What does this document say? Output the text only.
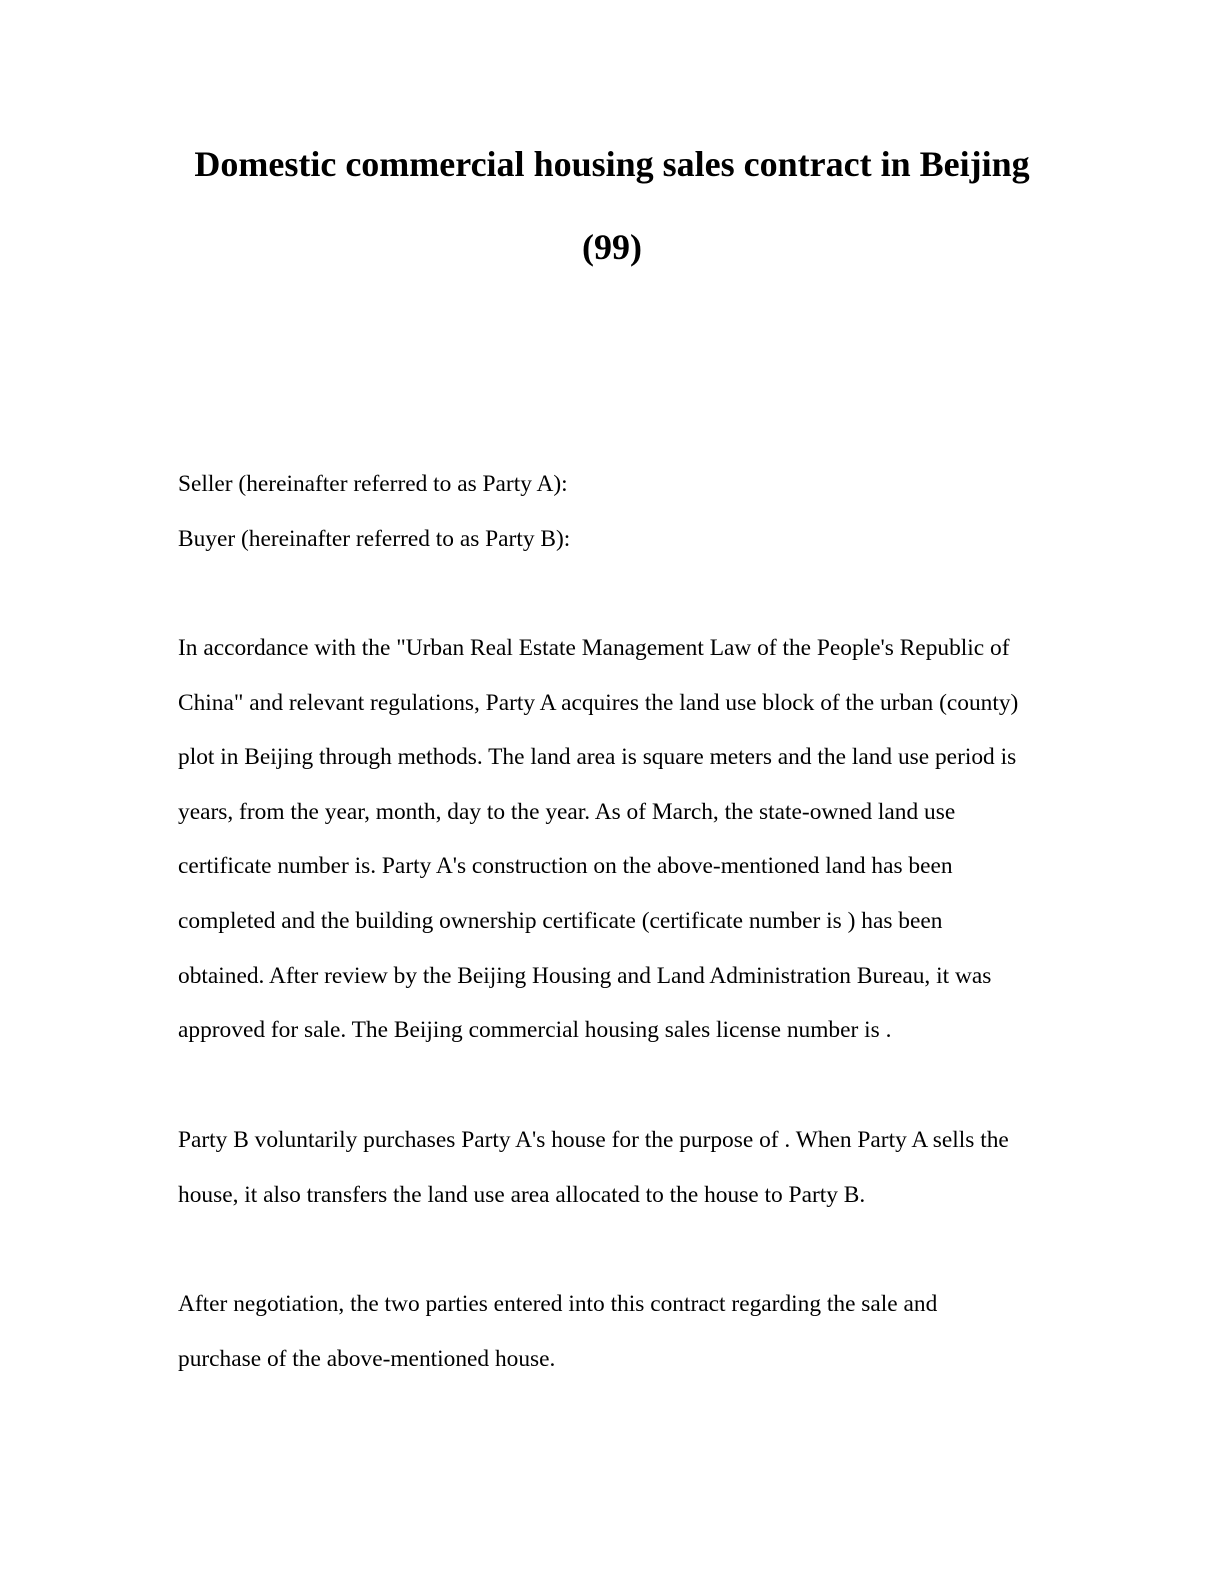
Domestic commercial housing sales contract in Beijing
(99)
Seller (hereinafter referred to as Party A):
Buyer (hereinafter referred to as Party B):
In accordance with the "Urban Real Estate Management Law of the People's Republic of
China" and relevant regulations, Party A acquires the land use block of the urban (county)
plot in Beijing through methods. The land area is square meters and the land use period is
years, from the year, month, day to the year. As of March, the state-owned land use
certificate number is. Party A's construction on the above-mentioned land has been
completed and the building ownership certificate (certificate number is ) has been
obtained. After review by the Beijing Housing and Land Administration Bureau, it was
approved for sale. The Beijing commercial housing sales license number is .
Party B voluntarily purchases Party A's house for the purpose of . When Party A sells the
house, it also transfers the land use area allocated to the house to Party B.
After negotiation, the two parties entered into this contract regarding the sale and
purchase of the above-mentioned house.
